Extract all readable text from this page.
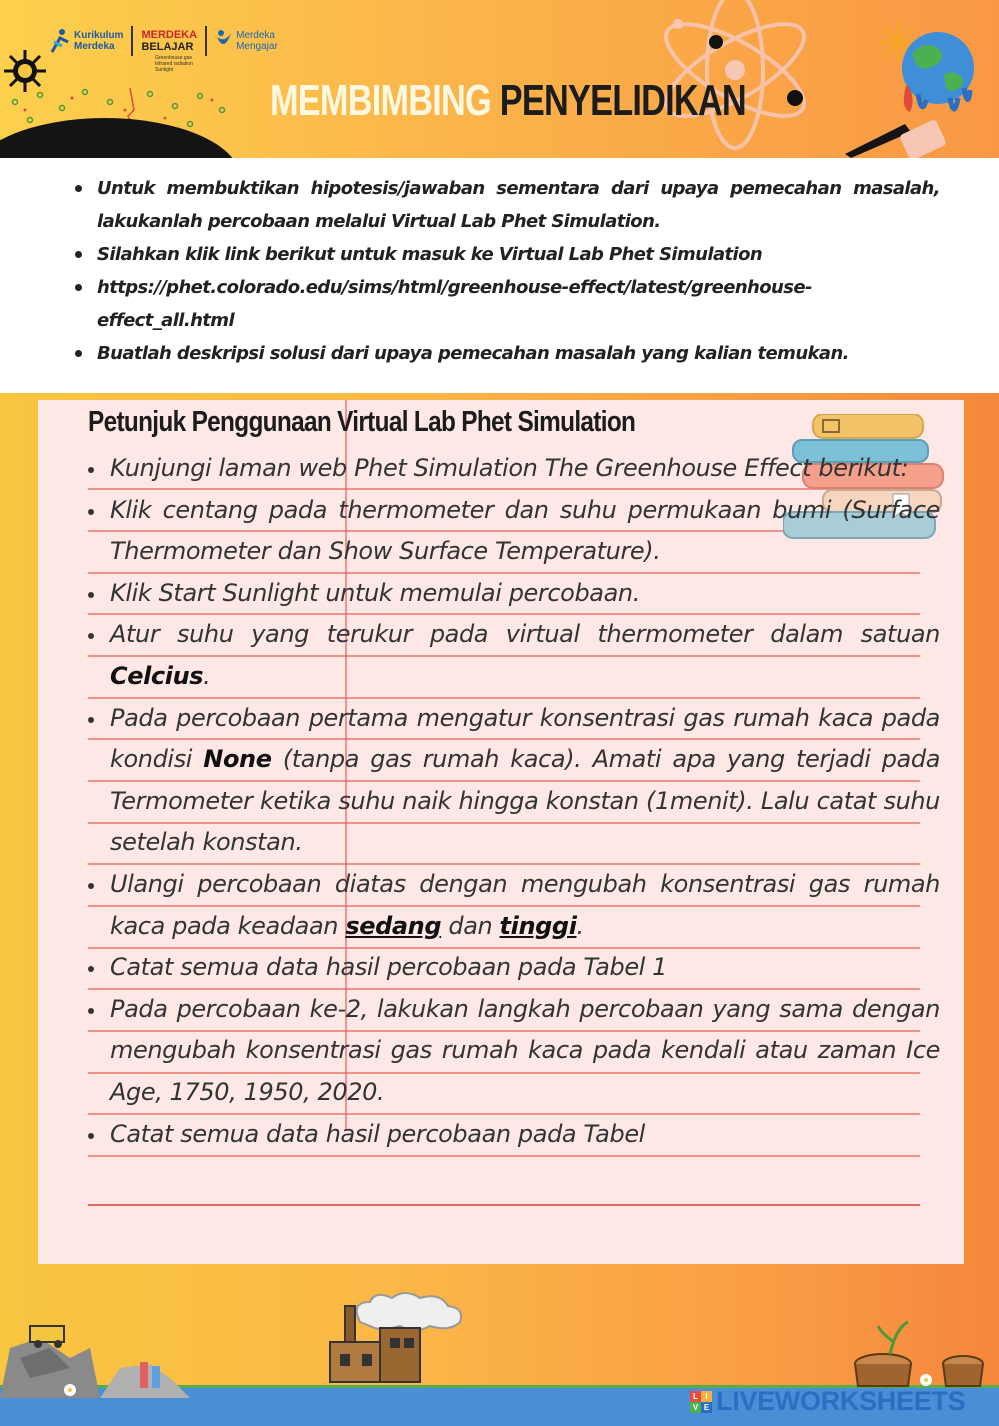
Kurikulum
Merdeka
MERDEKA
BELAJAR
Merdeka
Mengajar
Greenhouse gas
Infrared radiation
Sunlight
MEMBIMBING PENYELIDIKAN
Untuk membuktikan hipotesis/jawaban sementara dari upaya pemecahan masalah, lakukanlah percobaan melalui Virtual Lab Phet Simulation.
Silahkan klik link berikut untuk masuk ke Virtual Lab Phet Simulation
https://phet.colorado.edu/sims/html/greenhouse-effect/latest/greenhouse-effect_all.html
Buatlah deskripsi solusi dari upaya pemecahan masalah yang kalian temukan.
Petunjuk Penggunaan Virtual Lab Phet Simulation
Kunjungi laman web Phet Simulation The Greenhouse Effect berikut:
Klik centang pada thermometer dan suhu permukaan bumi (Surface Thermometer dan Show Surface Temperature).
Klik Start Sunlight untuk memulai percobaan.
Atur suhu yang terukur pada virtual thermometer dalam satuan Celcius.
Pada percobaan pertama mengatur konsentrasi gas rumah kaca pada kondisi None (tanpa gas rumah kaca). Amati apa yang terjadi pada Termometer ketika suhu naik hingga konstan (1menit). Lalu catat suhu setelah konstan.
Ulangi percobaan diatas dengan mengubah konsentrasi gas rumah kaca pada keadaan sedang dan tinggi.
Catat semua data hasil percobaan pada Tabel 1
Pada percobaan ke-2, lakukan langkah percobaan yang sama dengan mengubah konsentrasi gas rumah kaca pada kendali atau zaman Ice Age, 1750, 1950, 2020.
Catat semua data hasil percobaan pada Tabel
L I
V E LIVEWORKSHEETS
